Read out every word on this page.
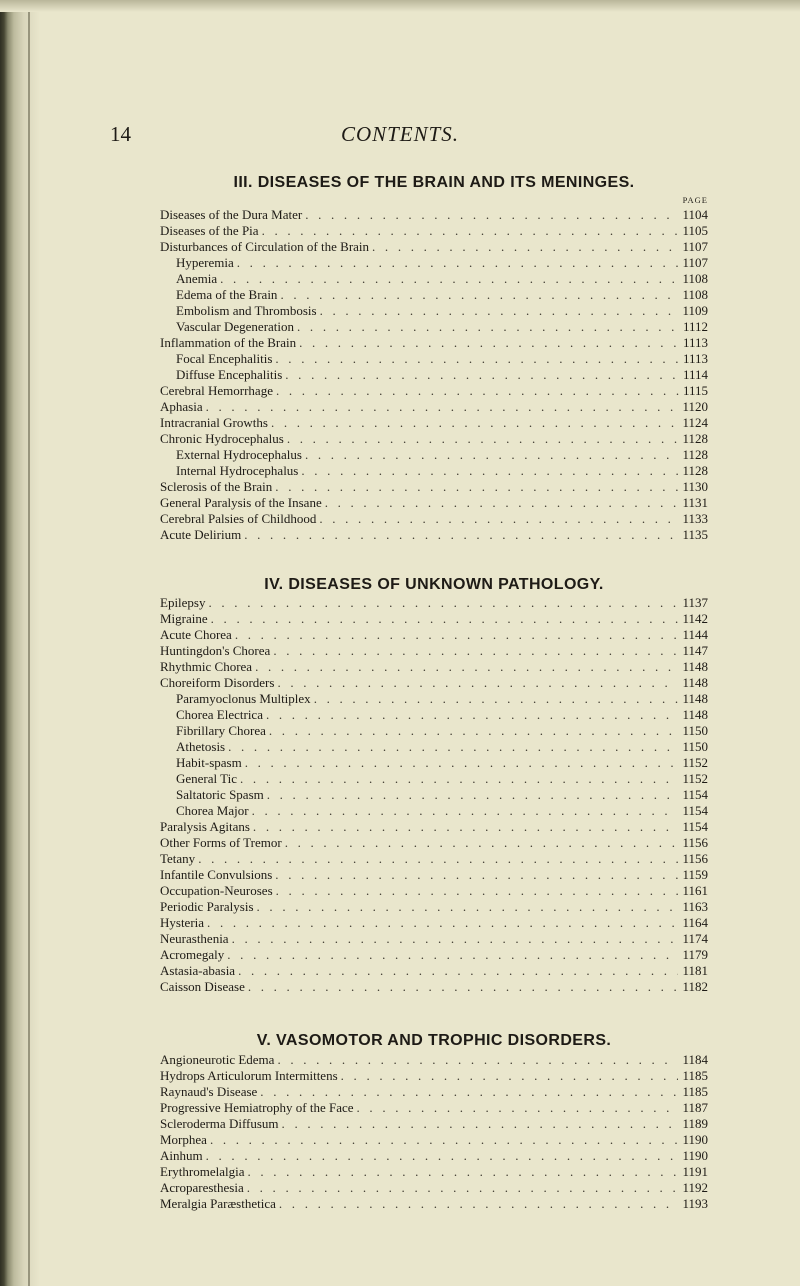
14	CONTENTS.
III. DISEASES OF THE BRAIN AND ITS MENINGES.
PAGE
Diseases of the Dura Mater . . .	1104
Diseases of the Pia . . .	1105
Disturbances of Circulation of the Brain . . .	1107
Hyperemia . . .	1107
Anemia . . .	1108
Edema of the Brain . . .	1108
Embolism and Thrombosis . . .	1109
Vascular Degeneration . . .	1112
Inflammation of the Brain . . .	1113
Focal Encephalitis . . .	1113
Diffuse Encephalitis . . .	1114
Cerebral Hemorrhage . . .	1115
Aphasia . . .	1120
Intracranial Growths . . .	1124
Chronic Hydrocephalus . . .	1128
External Hydrocephalus . . .	1128
Internal Hydrocephalus . . .	1128
Sclerosis of the Brain . . .	1130
General Paralysis of the Insane . . .	1131
Cerebral Palsies of Childhood . . .	1133
Acute Delirium . . .	1135
IV. DISEASES OF UNKNOWN PATHOLOGY.
Epilepsy . . .	1137
Migraine . . .	1142
Acute Chorea . . .	1144
Huntingdon's Chorea . . .	1147
Rhythmic Chorea . . .	1148
Choreiform Disorders . . .	1148
Paramyoclonus Multiplex . . .	1148
Chorea Electrica . . .	1148
Fibrillary Chorea . . .	1150
Athetosis . . .	1150
Habit-spasm . . .	1152
General Tic . . .	1152
Saltatoric Spasm . . .	1154
Chorea Major . . .	1154
Paralysis Agitans . . .	1154
Other Forms of Tremor . . .	1156
Tetany . . .	1156
Infantile Convulsions . . .	1159
Occupation-Neuroses . . .	1161
Periodic Paralysis . . .	1163
Hysteria . . .	1164
Neurasthenia . . .	1174
Acromegaly . . .	1179
Astasia-abasia . . .	1181
Caisson Disease . . .	1182
V. VASOMOTOR AND TROPHIC DISORDERS.
Angioneurotic Edema . . .	1184
Hydrops Articulorum Intermittens . . .	1185
Raynaud's Disease . . .	1185
Progressive Hemiatrophy of the Face . . .	1187
Scleroderma Diffusum . . .	1189
Morphea . . .	1190
Ainhum . . .	1190
Erythromelalgia . . .	1191
Acroparesthesia . . .	1192
Meralgia Paræsthetica . . .	1193
